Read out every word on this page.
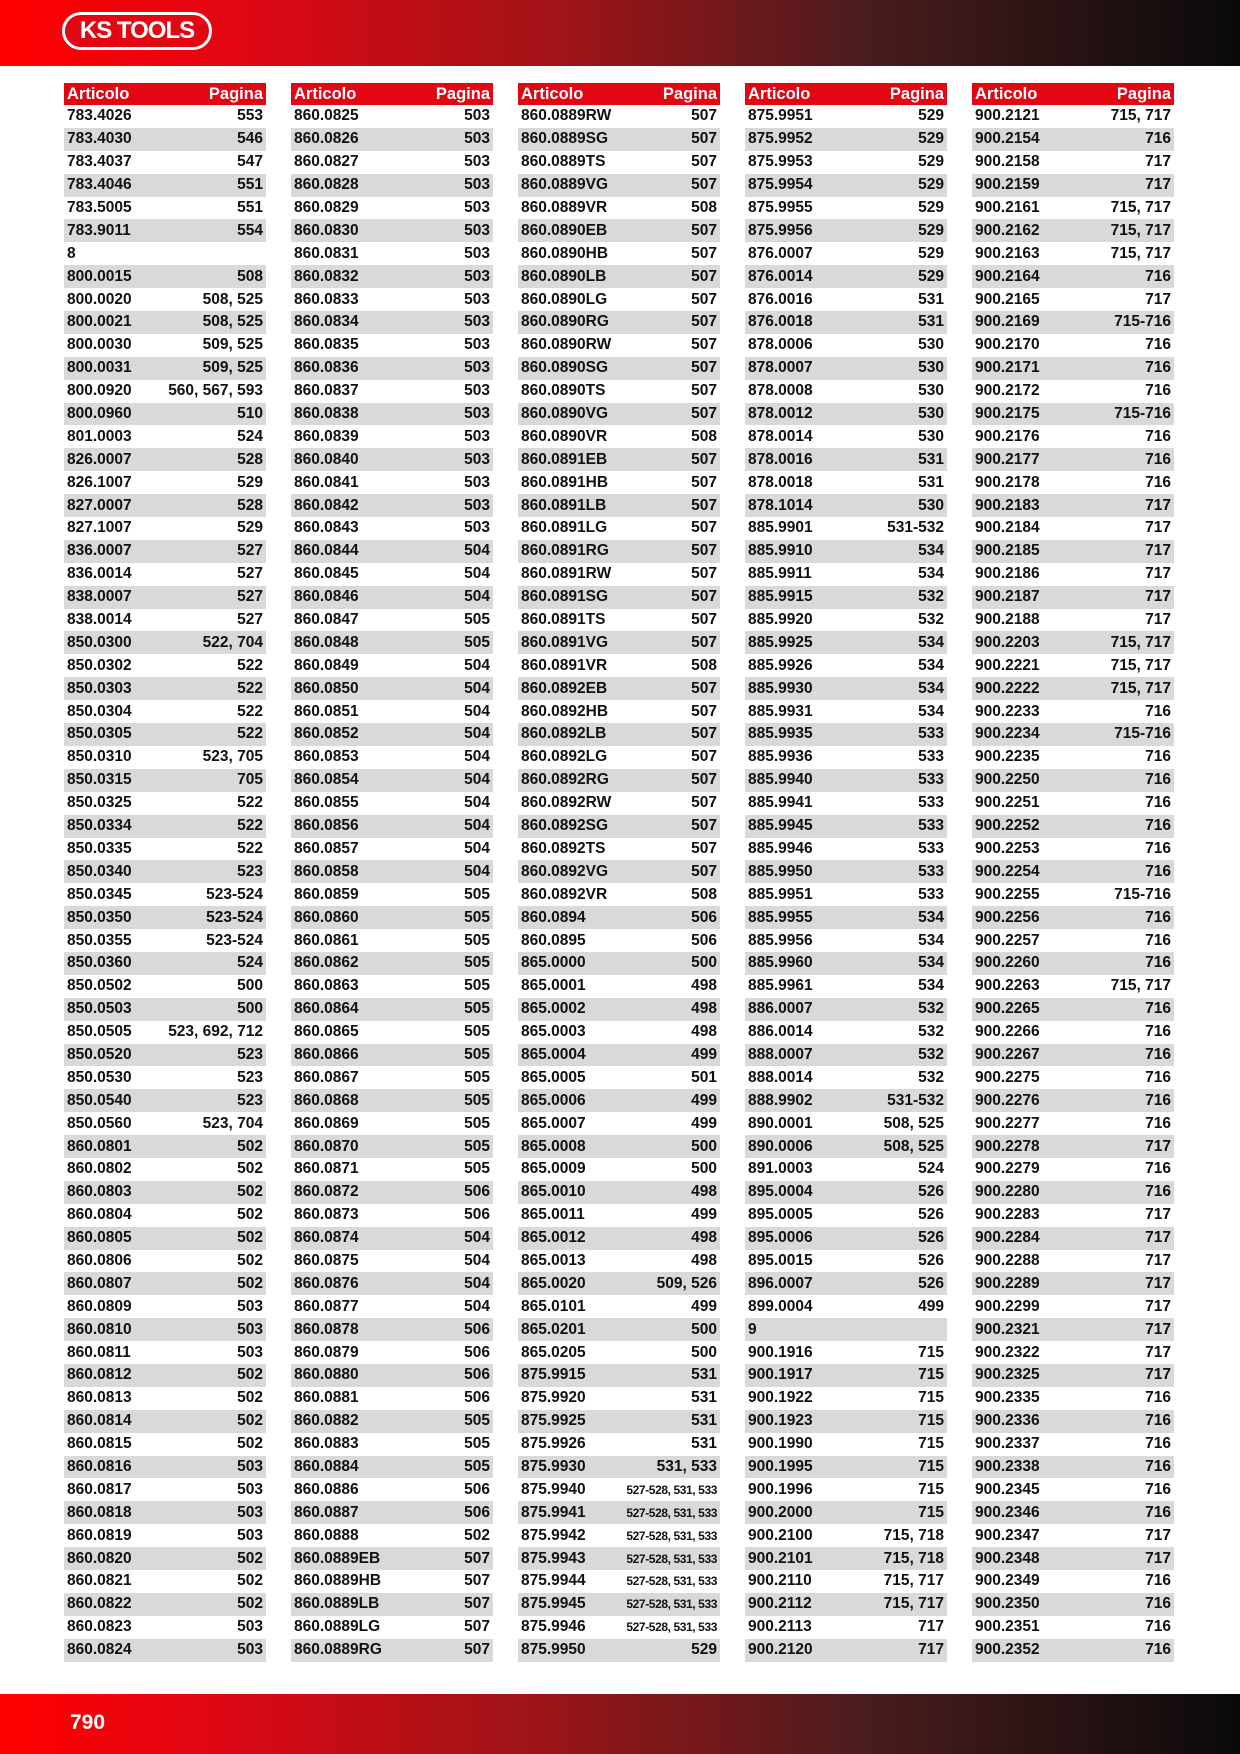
KS TOOLS
Articolo	Pagina
783.4026	553
783.4030	546
783.4037	547
783.4046	551
783.5005	551
783.9011	554
8
800.0015	508
800.0020	508, 525
800.0021	508, 525
800.0030	509, 525
800.0031	509, 525
800.0920 560, 567, 593
800.0960	510
801.0003	524
826.0007	528
826.1007	529
827.0007	528
827.1007	529
836.0007	527
836.0014	527
838.0007	527
838.0014	527
850.0300	522, 704
850.0302	522
850.0303	522
850.0304	522
850.0305	522
850.0310	523, 705
850.0315	705
850.0325	522
850.0334	522
850.0335	522
850.0340	523
850.0345	523-524
850.0350	523-524
850.0355	523-524
850.0360	524
850.0502	500
850.0503	500
850.0505 523, 692, 712
850.0520	523
850.0530	523
850.0540	523
850.0560	523, 704
860.0801	502
860.0802	502
860.0803	502
860.0804	502
860.0805	502
860.0806	502
860.0807	502
860.0809	503
860.0810	503
860.0811	503
860.0812	502
860.0813	502
860.0814	502
860.0815	502
860.0816	503
860.0817	503
860.0818	503
860.0819	503
860.0820	502
860.0821	502
860.0822	502
860.0823	503
860.0824	503
Articolo	Pagina
860.0825	503
860.0826	503
860.0827	503
860.0828	503
860.0829	503
860.0830	503
860.0831	503
860.0832	503
860.0833	503
860.0834	503
860.0835	503
860.0836	503
860.0837	503
860.0838	503
860.0839	503
860.0840	503
860.0841	503
860.0842	503
860.0843	503
860.0844	504
860.0845	504
860.0846	504
860.0847	505
860.0848	505
860.0849	504
860.0850	504
860.0851	504
860.0852	504
860.0853	504
860.0854	504
860.0855	504
860.0856	504
860.0857	504
860.0858	504
860.0859	505
860.0860	505
860.0861	505
860.0862	505
860.0863	505
860.0864	505
860.0865	505
860.0866	505
860.0867	505
860.0868	505
860.0869	505
860.0870	505
860.0871	505
860.0872	506
860.0873	506
860.0874	504
860.0875	504
860.0876	504
860.0877	504
860.0878	506
860.0879	506
860.0880	506
860.0881	506
860.0882	505
860.0883	505
860.0884	505
860.0886	506
860.0887	506
860.0888	502
860.0889EB	507
860.0889HB	507
860.0889LB	507
860.0889LG	507
860.0889RG	507
Articolo	Pagina
860.0889RW	507
860.0889SG	507
860.0889TS	507
860.0889VG	507
860.0889VR	508
860.0890EB	507
860.0890HB	507
860.0890LB	507
860.0890LG	507
860.0890RG	507
860.0890RW	507
860.0890SG	507
860.0890TS	507
860.0890VG	507
860.0890VR	508
860.0891EB	507
860.0891HB	507
860.0891LB	507
860.0891LG	507
860.0891RG	507
860.0891RW	507
860.0891SG	507
860.0891TS	507
860.0891VG	507
860.0891VR	508
860.0892EB	507
860.0892HB	507
860.0892LB	507
860.0892LG	507
860.0892RG	507
860.0892RW	507
860.0892SG	507
860.0892TS	507
860.0892VG	507
860.0892VR	508
860.0894	506
860.0895	506
865.0000	500
865.0001	498
865.0002	498
865.0003	498
865.0004	499
865.0005	501
865.0006	499
865.0007	499
865.0008	500
865.0009	500
865.0010	498
865.0011	499
865.0012	498
865.0013	498
865.0020	509, 526
865.0101	499
865.0201	500
865.0205	500
875.9915	531
875.9920	531
875.9925	531
875.9926	531
875.9930	531, 533
875.9940	527-528, 531, 533
875.9941	527-528, 531, 533
875.9942	527-528, 531, 533
875.9943	527-528, 531, 533
875.9944	527-528, 531, 533
875.9945	527-528, 531, 533
875.9946	527-528, 531, 533
875.9950	529
Articolo	Pagina
875.9951	529
875.9952	529
875.9953	529
875.9954	529
875.9955	529
875.9956	529
876.0007	529
876.0014	529
876.0016	531
876.0018	531
878.0006	530
878.0007	530
878.0008	530
878.0012	530
878.0014	530
878.0016	531
878.0018	531
878.1014	530
885.9901	531-532
885.9910	534
885.9911	534
885.9915	532
885.9920	532
885.9925	534
885.9926	534
885.9930	534
885.9931	534
885.9935	533
885.9936	533
885.9940	533
885.9941	533
885.9945	533
885.9946	533
885.9950	533
885.9951	533
885.9955	534
885.9956	534
885.9960	534
885.9961	534
886.0007	532
886.0014	532
888.0007	532
888.0014	532
888.9902	531-532
890.0001	508, 525
890.0006	508, 525
891.0003	524
895.0004	526
895.0005	526
895.0006	526
895.0015	526
896.0007	526
899.0004	499
9
900.1916	715
900.1917	715
900.1922	715
900.1923	715
900.1990	715
900.1995	715
900.1996	715
900.2000	715
900.2100	715, 718
900.2101	715, 718
900.2110	715, 717
900.2112	715, 717
900.2113	717
900.2120	717
Articolo	Pagina
900.2121	715, 717
900.2154	716
900.2158	717
900.2159	717
900.2161	715, 717
900.2162	715, 717
900.2163	715, 717
900.2164	716
900.2165	717
900.2169	715-716
900.2170	716
900.2171	716
900.2172	716
900.2175	715-716
900.2176	716
900.2177	716
900.2178	716
900.2183	717
900.2184	717
900.2185	717
900.2186	717
900.2187	717
900.2188	717
900.2203	715, 717
900.2221	715, 717
900.2222	715, 717
900.2233	716
900.2234	715-716
900.2235	716
900.2250	716
900.2251	716
900.2252	716
900.2253	716
900.2254	716
900.2255	715-716
900.2256	716
900.2257	716
900.2260	716
900.2263	715, 717
900.2265	716
900.2266	716
900.2267	716
900.2275	716
900.2276	716
900.2277	716
900.2278	717
900.2279	716
900.2280	716
900.2283	717
900.2284	717
900.2288	717
900.2289	717
900.2299	717
900.2321	717
900.2322	717
900.2325	717
900.2335	716
900.2336	716
900.2337	716
900.2338	716
900.2345	716
900.2346	716
900.2347	717
900.2348	717
900.2349	716
900.2350	716
900.2351	716
900.2352	716
790
